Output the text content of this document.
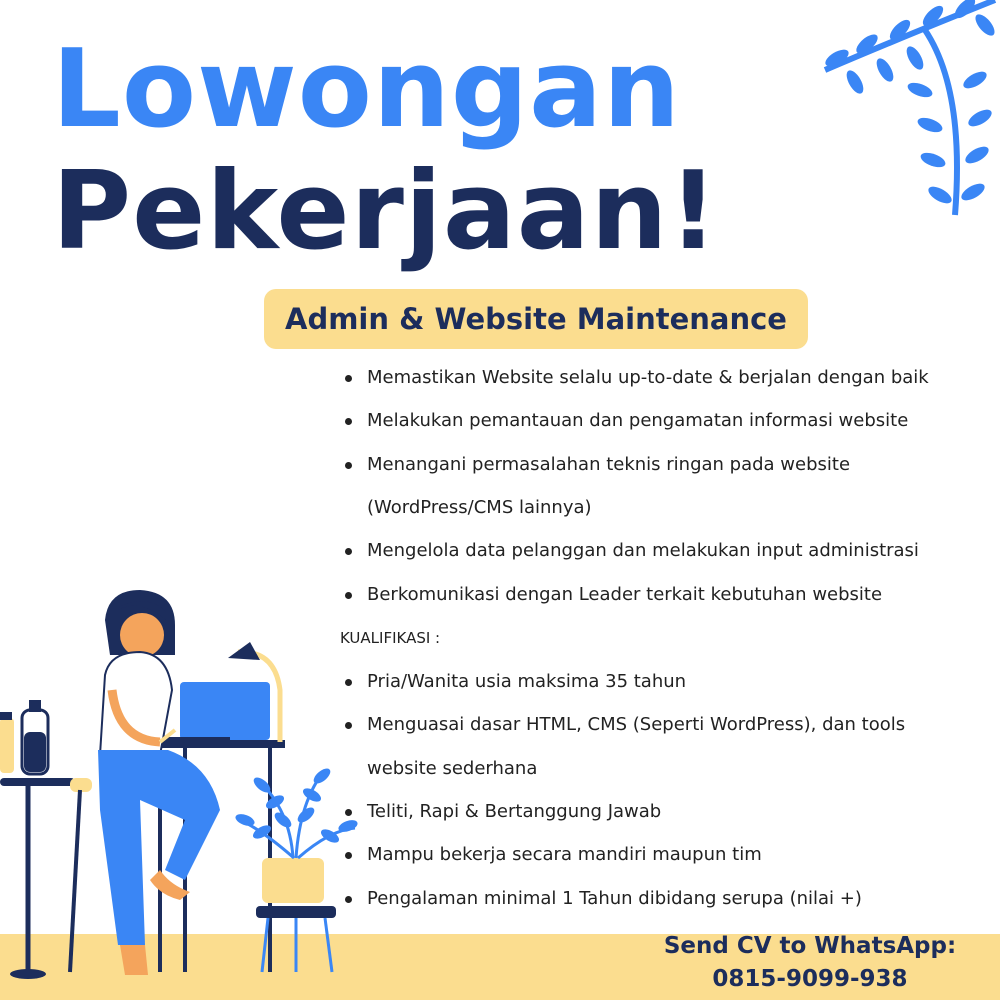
Lowongan
Pekerjaan!
Admin & Website Maintenance
Memastikan Website selalu up-to-date & berjalan dengan baik
Melakukan pemantauan dan pengamatan informasi website
Menangani permasalahan teknis ringan pada website
(WordPress/CMS lainnya)
Mengelola data pelanggan dan melakukan input administrasi
Berkomunikasi dengan Leader terkait kebutuhan website
KUALIFIKASI :
Pria/Wanita usia maksima 35 tahun
Menguasai dasar HTML, CMS (Seperti WordPress), dan tools
website sederhana
Teliti, Rapi & Bertanggung Jawab
Mampu bekerja secara mandiri maupun tim
Pengalaman minimal 1 Tahun dibidang serupa (nilai +)
Send CV to WhatsApp:
0815-9099-938
